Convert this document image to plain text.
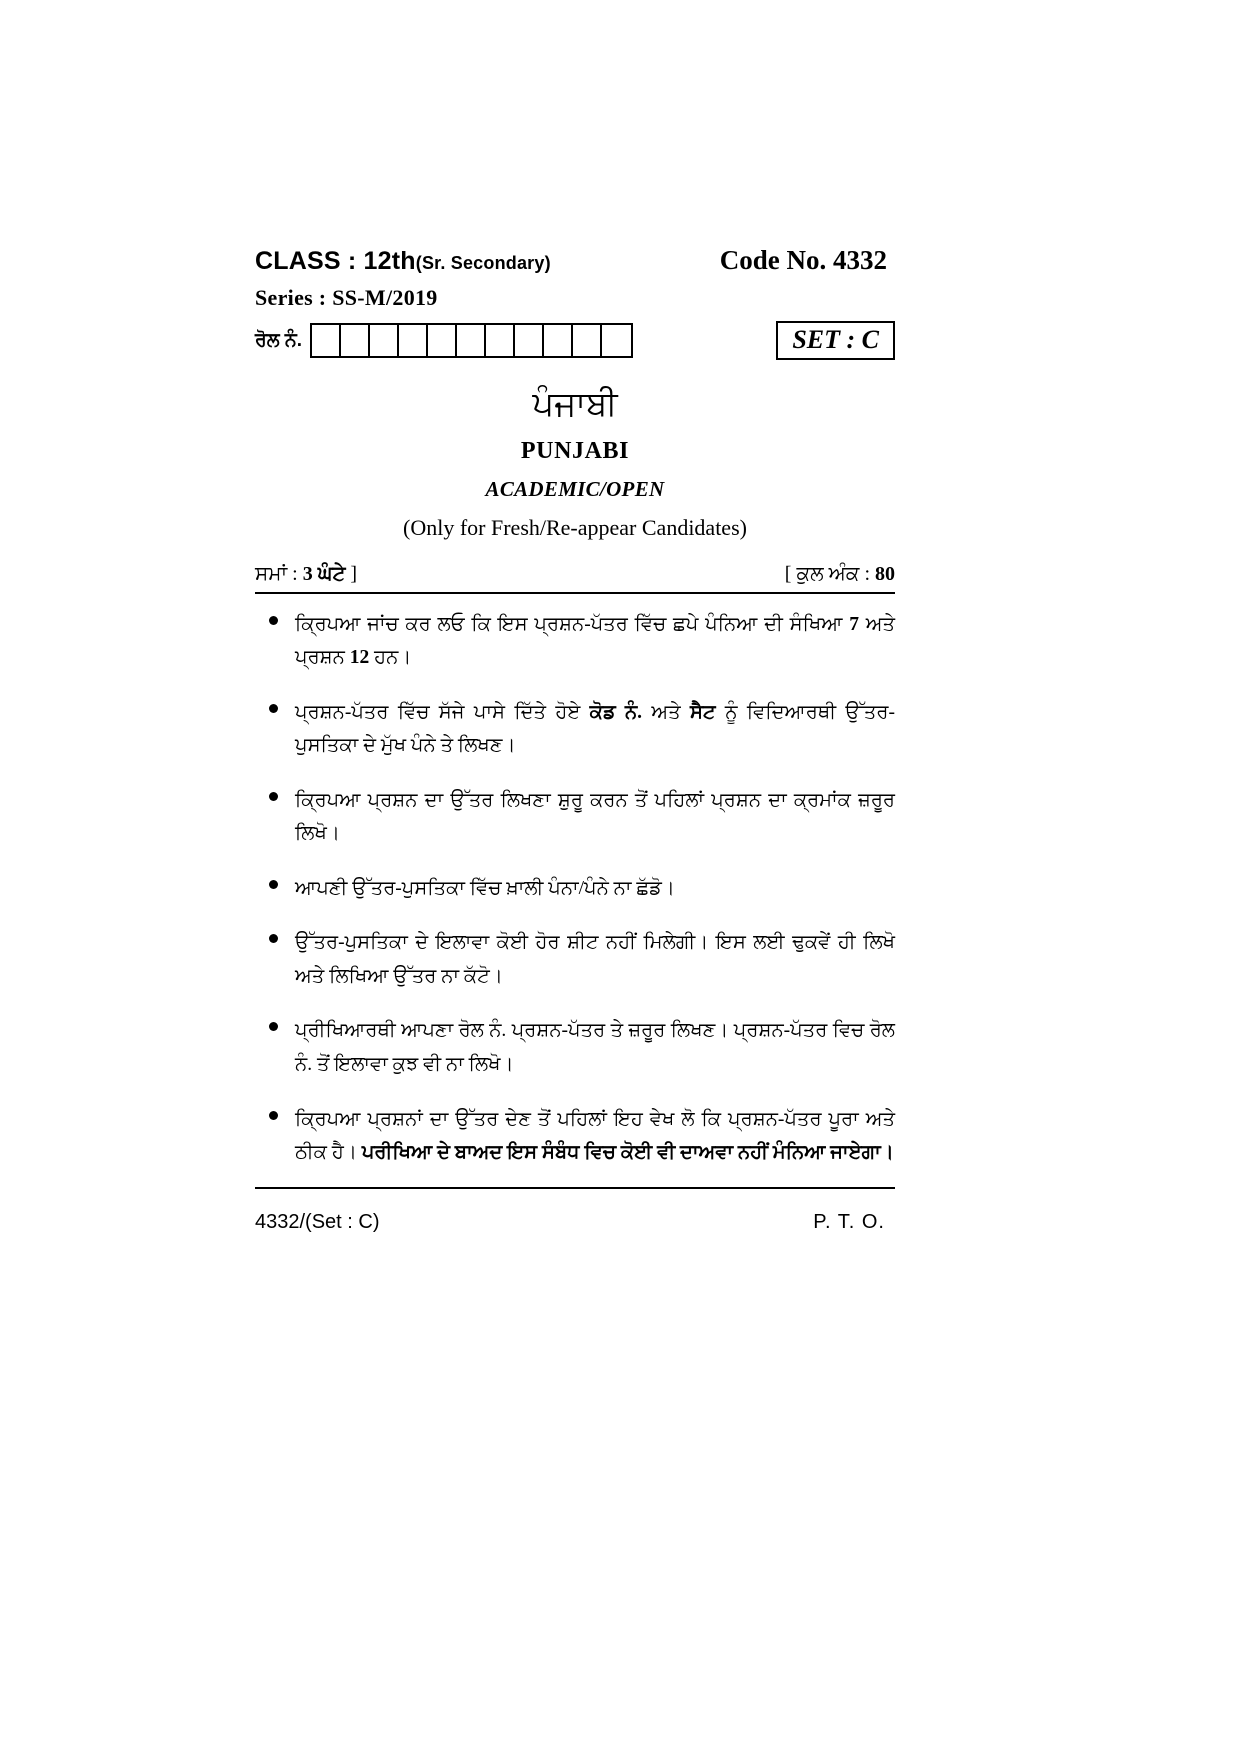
CLASS : 12th(Sr. Secondary)	Code No. 4332
Series : SS-M/2019
ਰੋਲ ਨੰ.	SET : C
ਪੰਜਾਬੀ
PUNJABI
ACADEMIC/OPEN
(Only for Fresh/Re-appear Candidates)
ਸਮਾਂ : 3 ਘੰਟੇ ]	[ ਕੁਲ ਅੰਕ : 80
ਕ੍ਰਿਪਆ ਜਾਂਚ ਕਰ ਲਓ ਕਿ ਇਸ ਪ੍ਰਸ਼ਨ-ਪੱਤਰ ਵਿੱਚ ਛਪੇ ਪੰਨਿਆ ਦੀ ਸੰਖਿਆ 7 ਅਤੇ ਪ੍ਰਸ਼ਨ 12 ਹਨ।
ਪ੍ਰਸ਼ਨ-ਪੱਤਰ ਵਿੱਚ ਸੱਜੇ ਪਾਸੇ ਦਿੱਤੇ ਹੋਏ ਕੋਡ ਨੰ. ਅਤੇ ਸੈਟ ਨੂੰ ਵਿਦਿਆਰਥੀ ਉੱਤਰ-ਪੁਸਤਿਕਾ ਦੇ ਮੁੱਖ ਪੰਨੇ ਤੇ ਲਿਖਣ।
ਕ੍ਰਿਪਆ ਪ੍ਰਸ਼ਨ ਦਾ ਉੱਤਰ ਲਿਖਣਾ ਸ਼ੁਰੂ ਕਰਨ ਤੋਂ ਪਹਿਲਾਂ ਪ੍ਰਸ਼ਨ ਦਾ ਕ੍ਰਮਾਂਕ ਜ਼ਰੂਰ ਲਿਖੋ।
ਆਪਣੀ ਉੱਤਰ-ਪੁਸਤਿਕਾ ਵਿੱਚ ਖ਼ਾਲੀ ਪੰਨਾ/ਪੰਨੇ ਨਾ ਛੱਡੋ।
ਉੱਤਰ-ਪੁਸਤਿਕਾ ਦੇ ਇਲਾਵਾ ਕੋਈ ਹੋਰ ਸ਼ੀਟ ਨਹੀਂ ਮਿਲੇਗੀ। ਇਸ ਲਈ ਢੁਕਵੇਂ ਹੀ ਲਿਖੋ ਅਤੇ ਲਿਖਿਆ ਉੱਤਰ ਨਾ ਕੱਟੋ।
ਪ੍ਰੀਖਿਆਰਥੀ ਆਪਣਾ ਰੋਲ ਨੰ. ਪ੍ਰਸ਼ਨ-ਪੱਤਰ ਤੇ ਜ਼ਰੂਰ ਲਿਖਣ। ਪ੍ਰਸ਼ਨ-ਪੱਤਰ ਵਿਚ ਰੋਲ ਨੰ. ਤੋਂ ਇਲਾਵਾ ਕੁਝ ਵੀ ਨਾ ਲਿਖੋ।
ਕ੍ਰਿਪਆ ਪ੍ਰਸ਼ਨਾਂ ਦਾ ਉੱਤਰ ਦੇਣ ਤੋਂ ਪਹਿਲਾਂ ਇਹ ਵੇਖ ਲੋ ਕਿ ਪ੍ਰਸ਼ਨ-ਪੱਤਰ ਪੂਰਾ ਅਤੇ ਠੀਕ ਹੈ। ਪਰੀਖਿਆ ਦੇ ਬਾਅਦ ਇਸ ਸੰਬੰਧ ਵਿਚ ਕੋਈ ਵੀ ਦਾਅਵਾ ਨਹੀਂ ਮੰਨਿਆ ਜਾਏਗਾ।
4332/(Set : C)	P. T. O.
